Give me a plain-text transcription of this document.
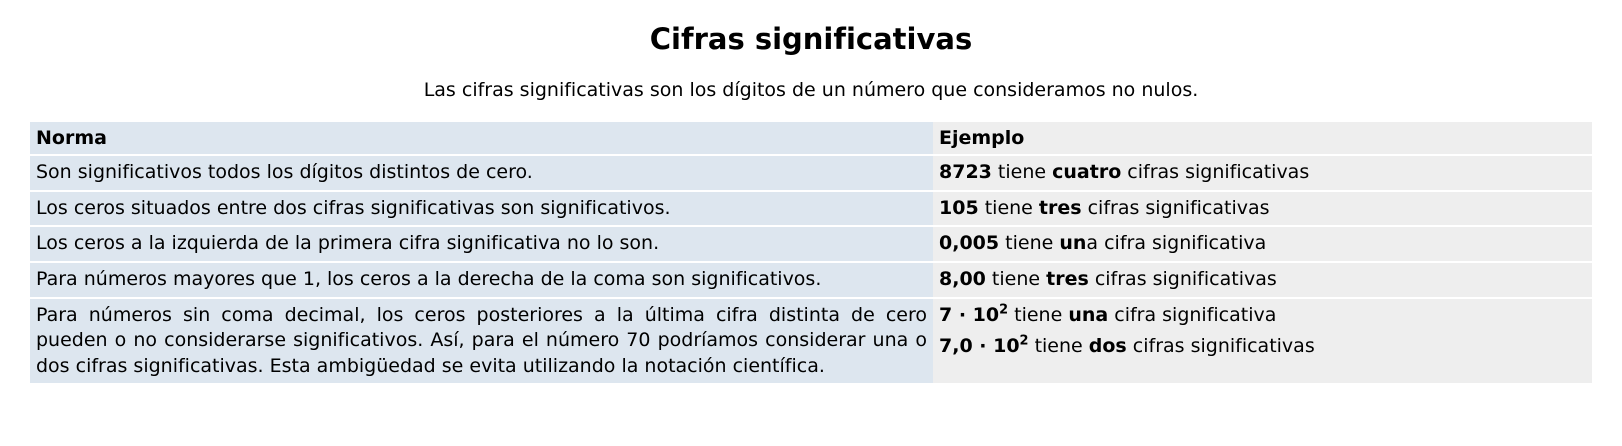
Cifras significativas

Las cifras significativas son los dígitos de un número que consideramos no nulos.

Norma	Ejemplo
Son significativos todos los dígitos distintos de cero.	8723 tiene cuatro cifras significativas

Los ceros situados entre dos cifras significativas son significativos.	105 tiene tres cifras significativas

Los ceros a la izquierda de la primera cifra significativa no lo son.	0,005 tiene una cifra significativa

Para números mayores que 1, los ceros a la derecha de la coma son significativos.	8,00 tiene tres cifras significativas

Para números sin coma decimal, los ceros posteriores a la última cifra distinta de cero pueden o no considerarse significativos. Así, para el número 70 podríamos considerar una o dos cifras significativas. Esta ambigüedad se evita utilizando la notación científica.	$7 \cdot 10^2$ tiene una cifra significativa
$7,0 \cdot 10^2$ tiene dos cifras significativas
